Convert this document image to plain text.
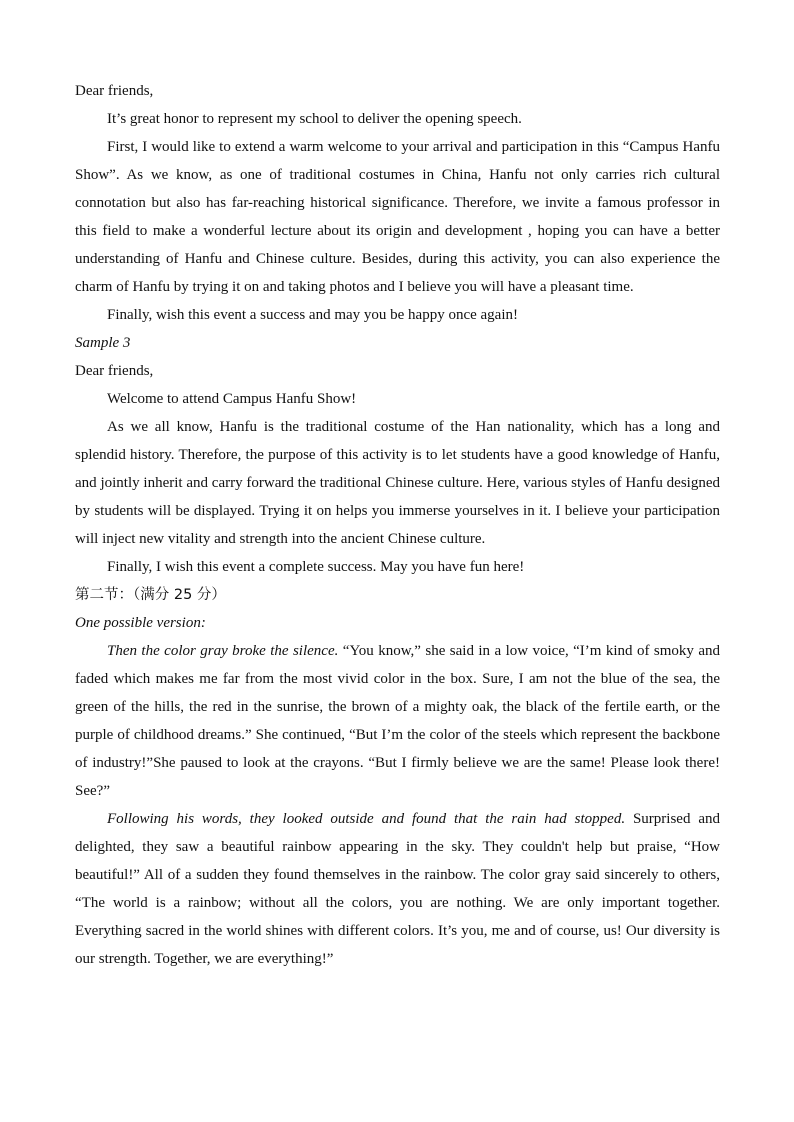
Dear friends,

It’s great honor to represent my school to deliver the opening speech.

First, I would like to extend a warm welcome to your arrival and participation in this “Campus Hanfu Show”. As we know, as one of traditional costumes in China, Hanfu not only carries rich cultural connotation but also has far-reaching historical significance. Therefore, we invite a famous professor in this field to make a wonderful lecture about its origin and development , hoping you can have a better understanding of Hanfu and Chinese culture. Besides, during this activity, you can also experience the charm of Hanfu by trying it on and taking photos and I believe you will have a pleasant time.

Finally, wish this event a success and may you be happy once again!

Sample 3

Dear friends,

Welcome to attend Campus Hanfu Show!

As we all know, Hanfu is the traditional costume of the Han nationality, which has a long and splendid history. Therefore, the purpose of this activity is to let students have a good knowledge of Hanfu, and jointly inherit and carry forward the traditional Chinese culture. Here, various styles of Hanfu designed by students will be displayed. Trying it on helps you immerse yourselves in it. I believe your participation will inject new vitality and strength into the ancient Chinese culture.

Finally, I wish this event a complete success. May you have fun here!

第二节：（满分 25 分）

One possible version:

Then the color gray broke the silence. “You know,” she said in a low voice, “I’m kind of smoky and faded which makes me far from the most vivid color in the box. Sure, I am not the blue of the sea, the green of the hills, the red in the sunrise, the brown of a mighty oak, the black of the fertile earth, or the purple of childhood dreams.” She continued, “But I’m the color of the steels which represent the backbone of industry!”She paused to look at the crayons. “But I firmly believe we are the same! Please look there! See?”

Following his words, they looked outside and found that the rain had stopped. Surprised and delighted, they saw a beautiful rainbow appearing in the sky. They couldn't help but praise, “How beautiful!” All of a sudden they found themselves in the rainbow. The color gray said sincerely to others, “The world is a rainbow; without all the colors, you are nothing. We are only important together. Everything sacred in the world shines with different colors. It’s you, me and of course, us! Our diversity is our strength. Together, we are everything!”
